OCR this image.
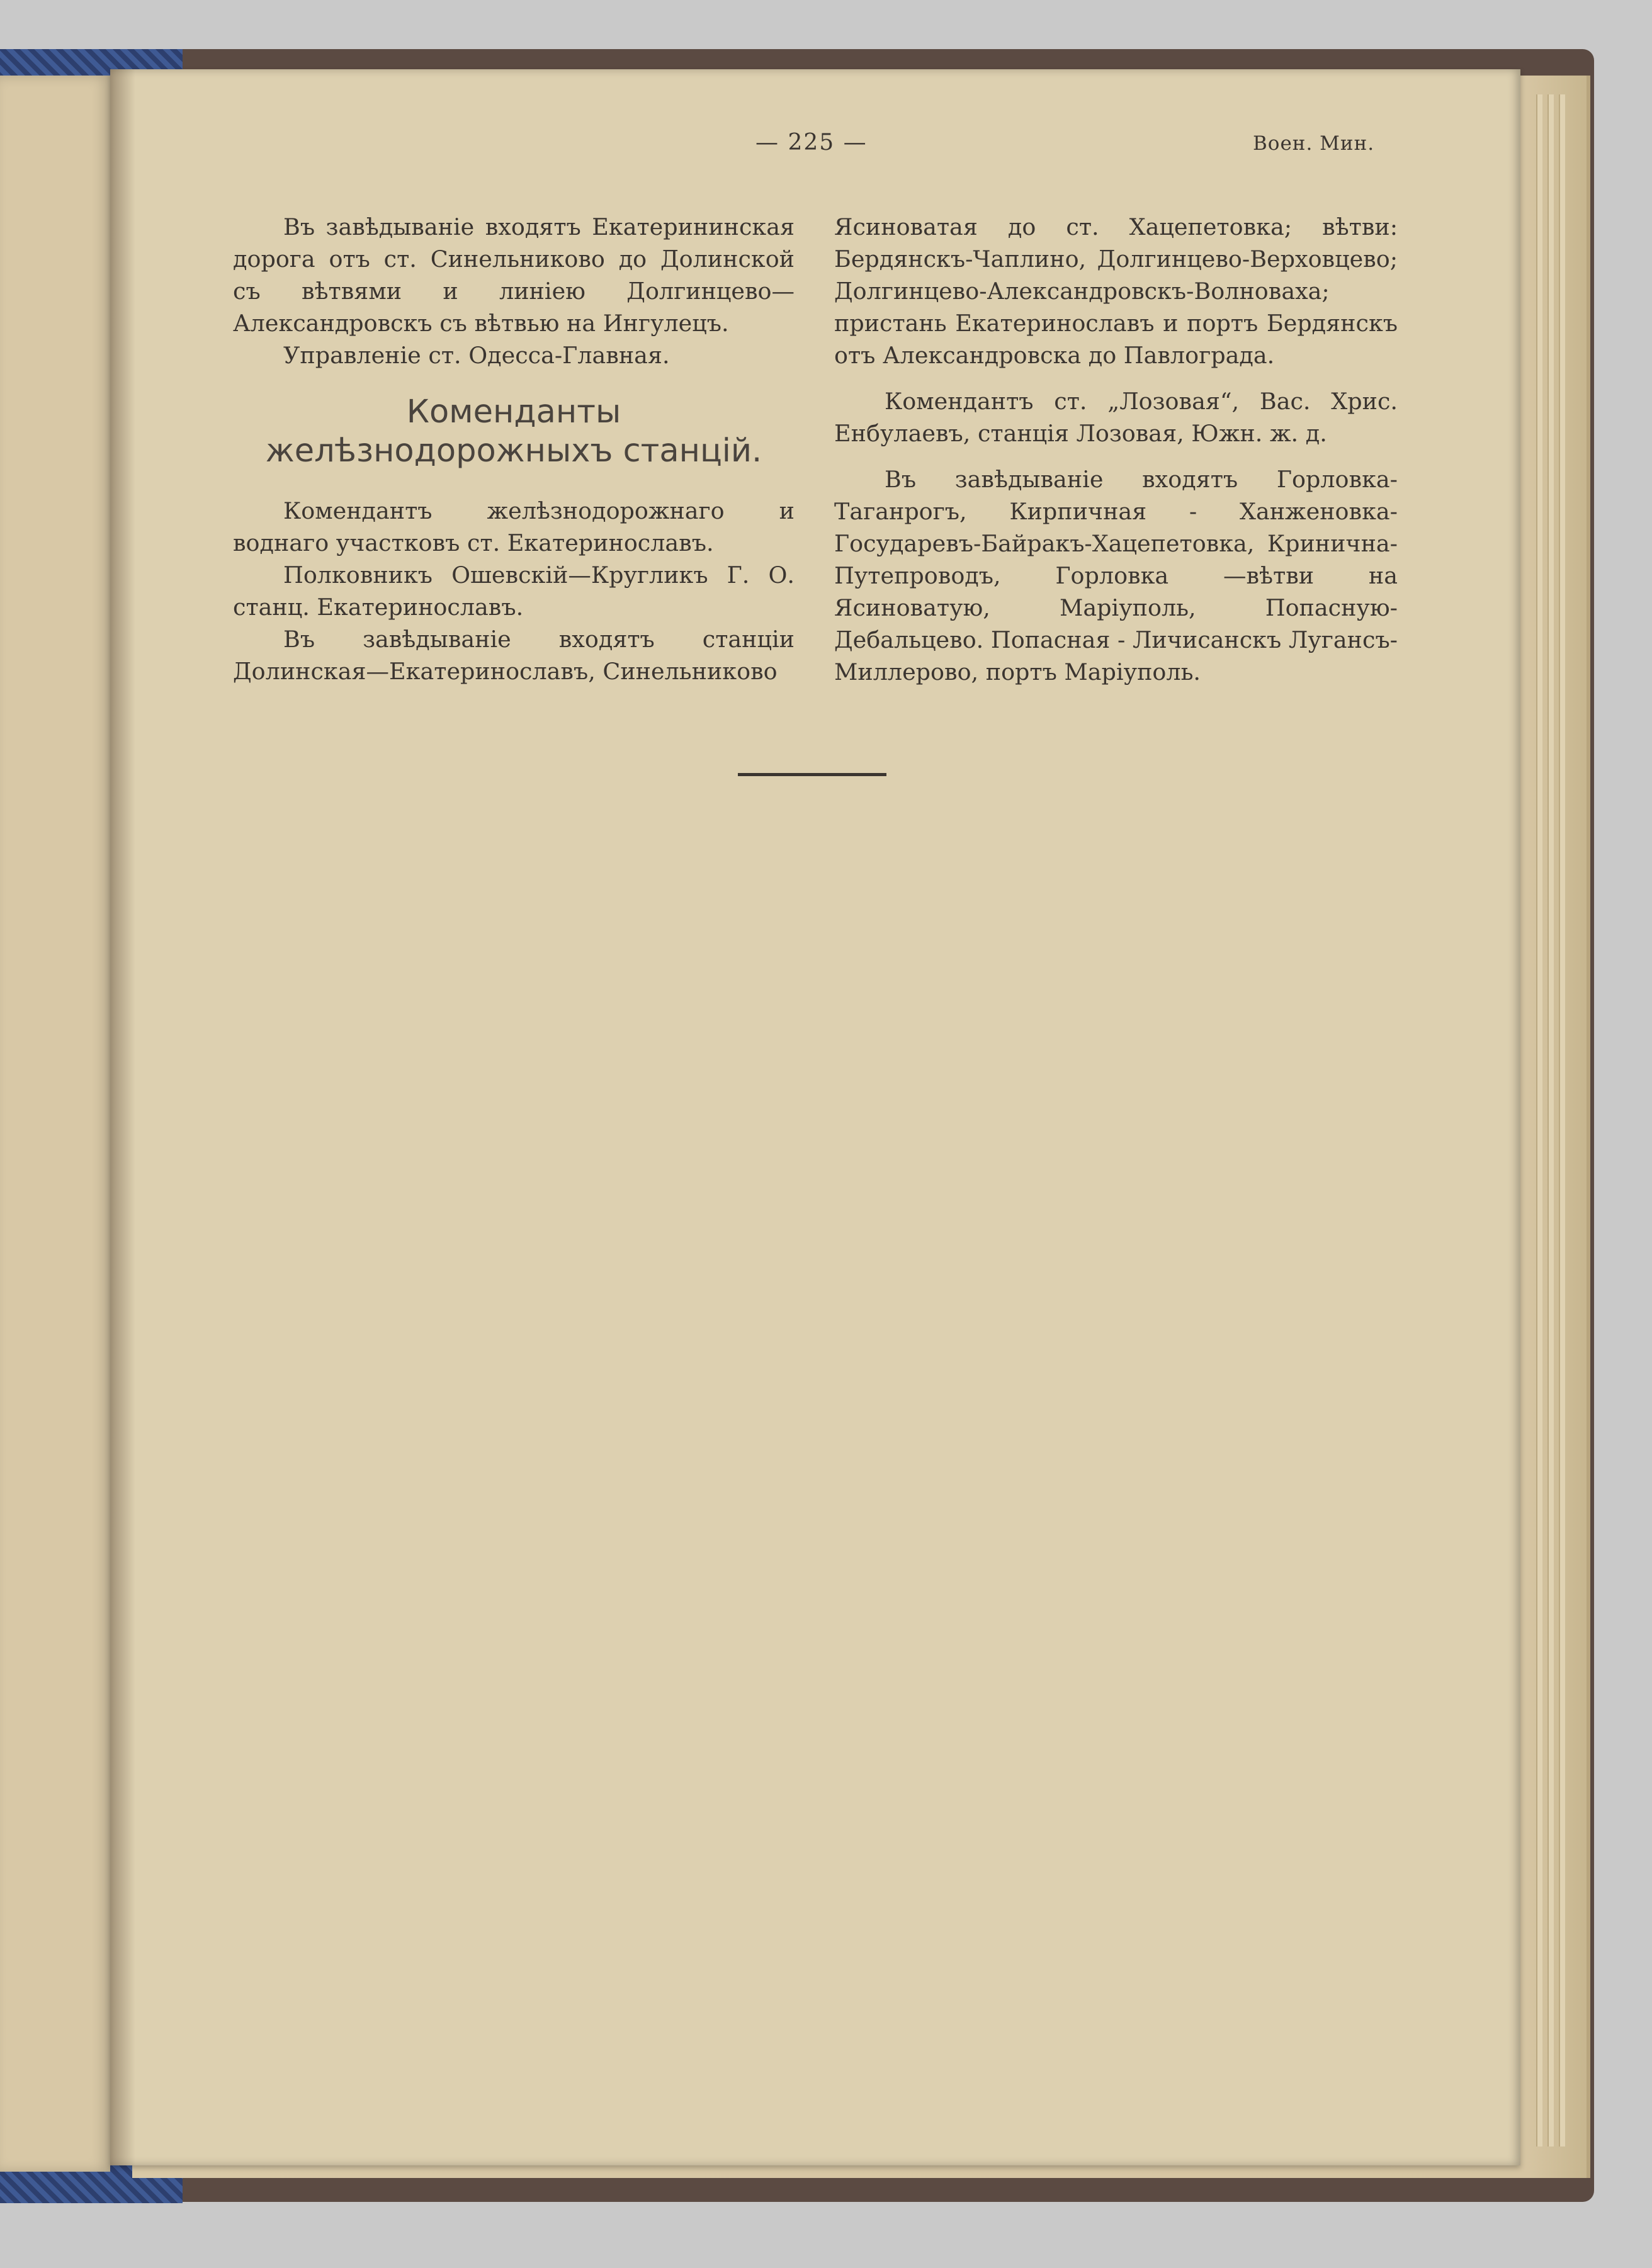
— 225 —	Воен. Мин.

Въ завѣдываніе входятъ Екатерининская дорога отъ ст. Синельниково до Долинской съ вѣтвями и линіею Долгинцево—Александровскъ съ вѣтвью на Ингулецъ.

Управленіе ст. Одесса-Главная.

Коменданты желѣзнодорожныхъ станцій.

Комендантъ желѣзнодорожнаго и воднаго участковъ ст. Екатеринославъ.

Полковникъ Ошевскій—Кругликъ Г. О. станц. Екатеринославъ.

Въ завѣдываніе входятъ станціи Долинская—Екатеринославъ, Синельниково

Ясиноватая до ст. Хацепетовка; вѣтви: Бердянскъ-Чаплино, Долгинцево-Верховцево; Долгинцево-Александровскъ-Волноваха; пристань Екатеринославъ и портъ Бердянскъ отъ Александровска до Павлограда.

Комендантъ ст. „Лозовая“, Вас. Хрис. Енбулаевъ, станція Лозовая, Южн. ж. д.

Въ завѣдываніе входятъ Горловка-Таганрогъ, Кирпичная - Ханженовка-Государевъ-Байракъ-Хацепетовка, Кринична-Путепроводъ, Горловка —вѣтви на Ясиноватую, Маріуполь, Попасную-Дебальцево. Попасная - Личисанскъ Лугансъ-Миллерово, портъ Маріуполь.
